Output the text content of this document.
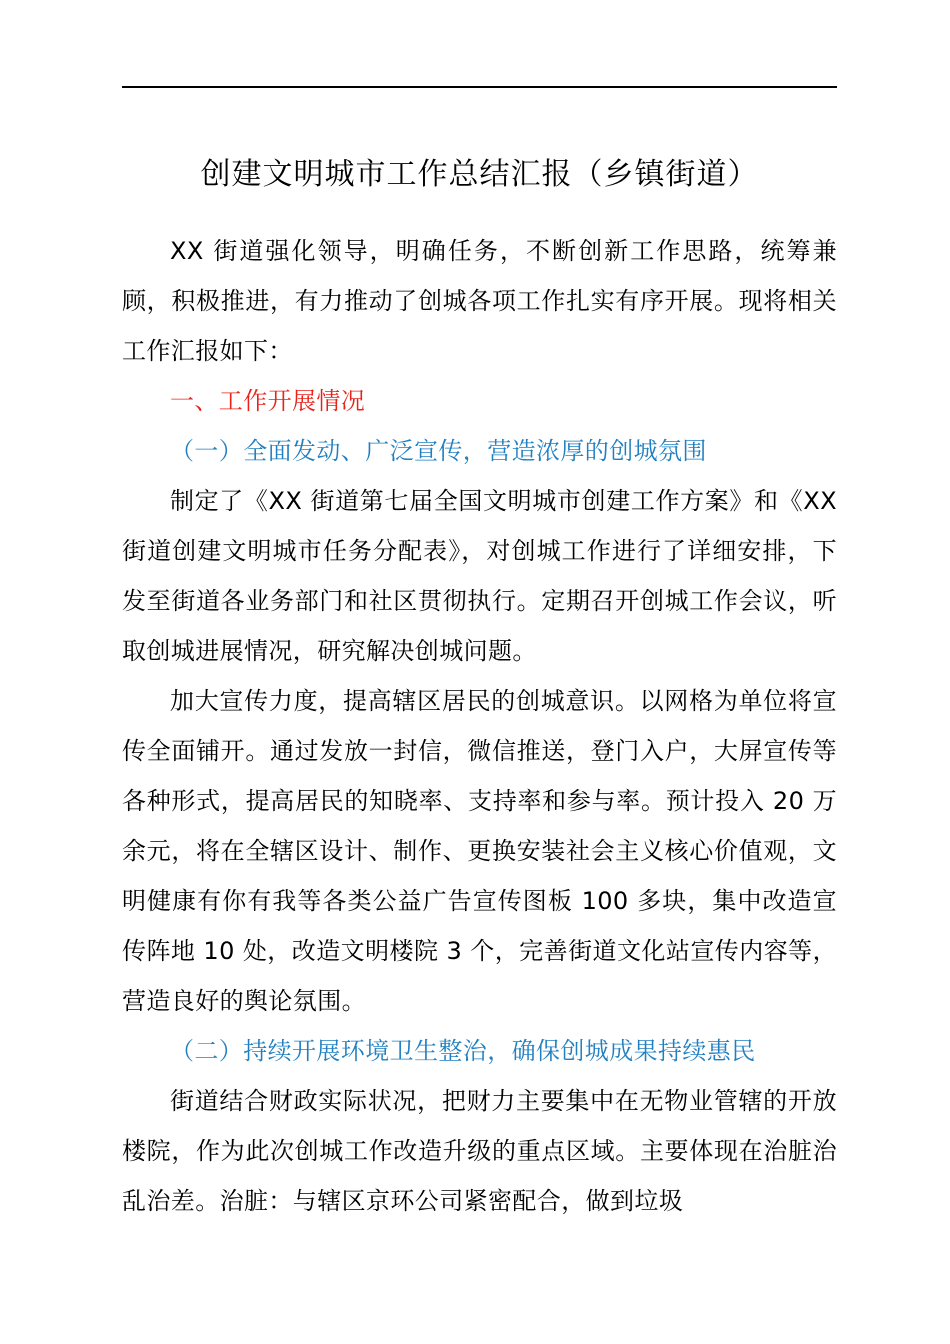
创建文明城市工作总结汇报（乡镇街道）

XX 街道强化领导，明确任务，不断创新工作思路，统筹兼顾，积极推进，有力推动了创城各项工作扎实有序开展。现将相关工作汇报如下：

一、工作开展情况

（一）全面发动、广泛宣传，营造浓厚的创城氛围

制定了《XX 街道第七届全国文明城市创建工作方案》和《XX 街道创建文明城市任务分配表》，对创城工作进行了详细安排，下发至街道各业务部门和社区贯彻执行。定期召开创城工作会议，听取创城进展情况，研究解决创城问题。

加大宣传力度，提高辖区居民的创城意识。以网格为单位将宣传全面铺开。通过发放一封信，微信推送，登门入户，大屏宣传等各种形式，提高居民的知晓率、支持率和参与率。预计投入 20 万余元，将在全辖区设计、制作、更换安装社会主义核心价值观，文明健康有你有我等各类公益广告宣传图板 100 多块，集中改造宣传阵地 10 处，改造文明楼院 3 个，完善街道文化站宣传内容等，营造良好的舆论氛围。

（二）持续开展环境卫生整治，确保创城成果持续惠民

街道结合财政实际状况，把财力主要集中在无物业管辖的开放楼院，作为此次创城工作改造升级的重点区域。主要体现在治脏治乱治差。治脏：与辖区京环公司紧密配合，做到垃圾
